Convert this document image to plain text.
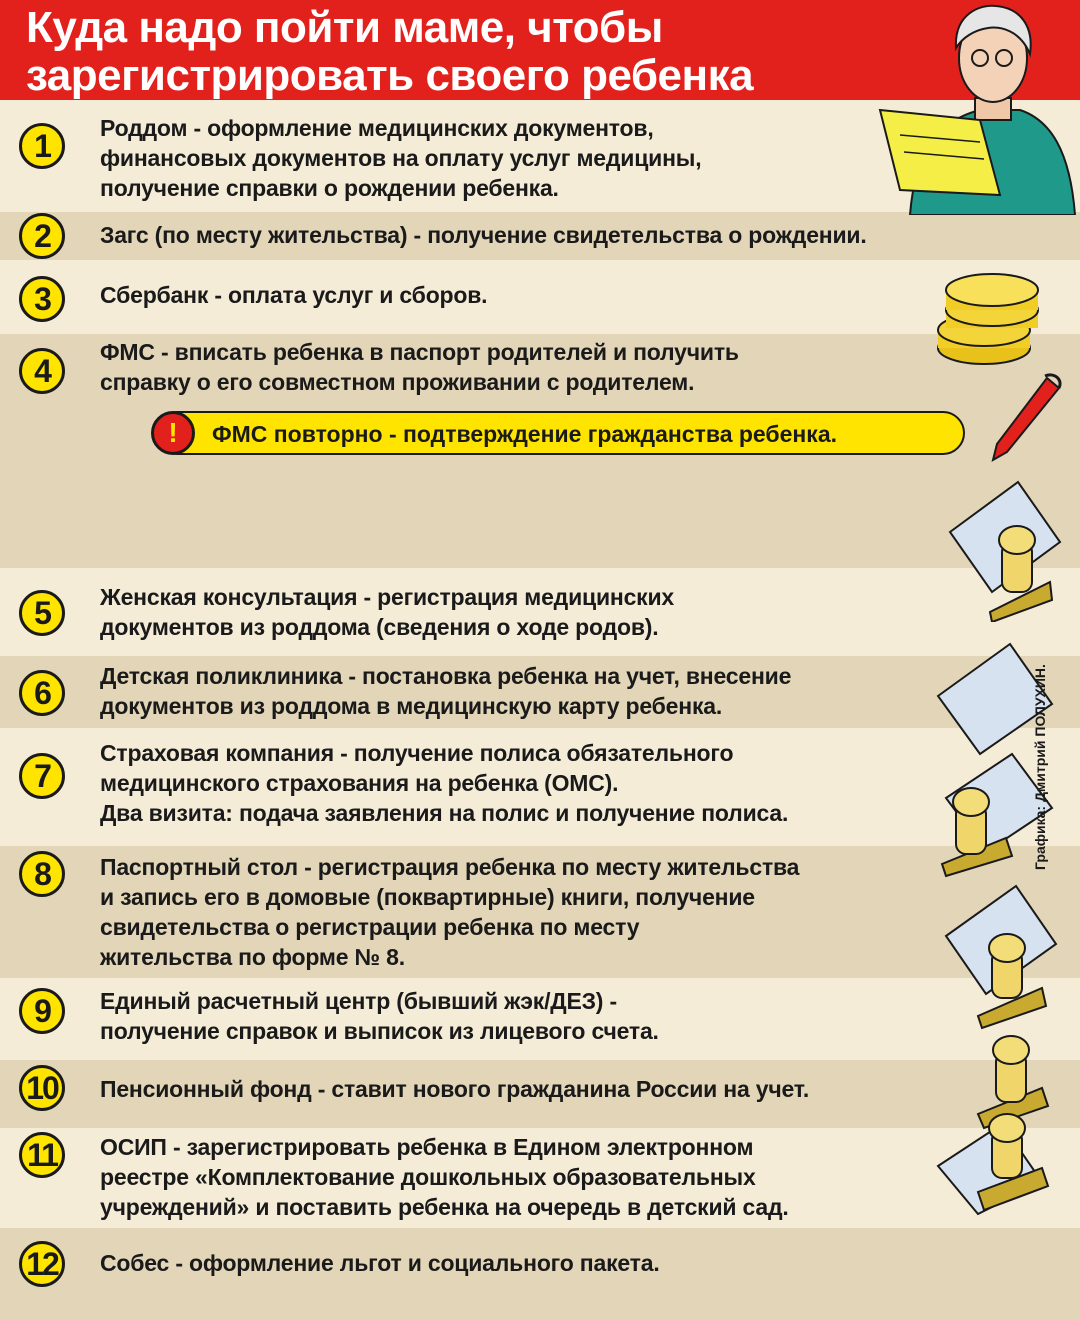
Куда надо пойти маме, чтобы
зарегистрировать своего ребенка
1	Роддом - оформление медицинских документов,
финансовых документов на оплату услуг медицины,
получение справки о рождении ребенка.
2	Загс (по месту жительства) - получение свидетельства о рождении.
3	Сбербанк - оплата услуг и сборов.
4
ФМС - вписать ребенка в паспорт родителей и получить
справку о его совместном проживании с родителем.
5	Женская консультация - регистрация медицинских
документов из роддома (сведения о ходе родов).
6	Детская поликлиника - постановка ребенка на учет, внесение
документов из роддома в медицинскую карту ребенка.
7
Страховая компания - получение полиса обязательного
медицинского страхования на ребенка (ОМС).
Два визита: подача заявления на полис и получение полиса.
8	Паспортный стол - регистрация ребенка по месту жительства
и запись его в домовые (поквартирные) книги, получение
свидетельства о регистрации ребенка по месту
жительства по форме № 8.
9	Единый расчетный центр (бывший жэк/ДЕЗ) -
получение справок и выписок из лицевого счета.
10	Пенсионный фонд - ставит нового гражданина России на учет.
11	ОСИП - зарегистрировать ребенка в Едином электронном
реестре «Комплектование дошкольных образовательных
учреждений» и поставить ребенка на очередь в детский сад.
12	Собес - оформление льгот и социального пакета.
!	ФМС повторно - подтверждение гражданства ребенка.
Графика: Дмитрий ПОЛУХИН.
